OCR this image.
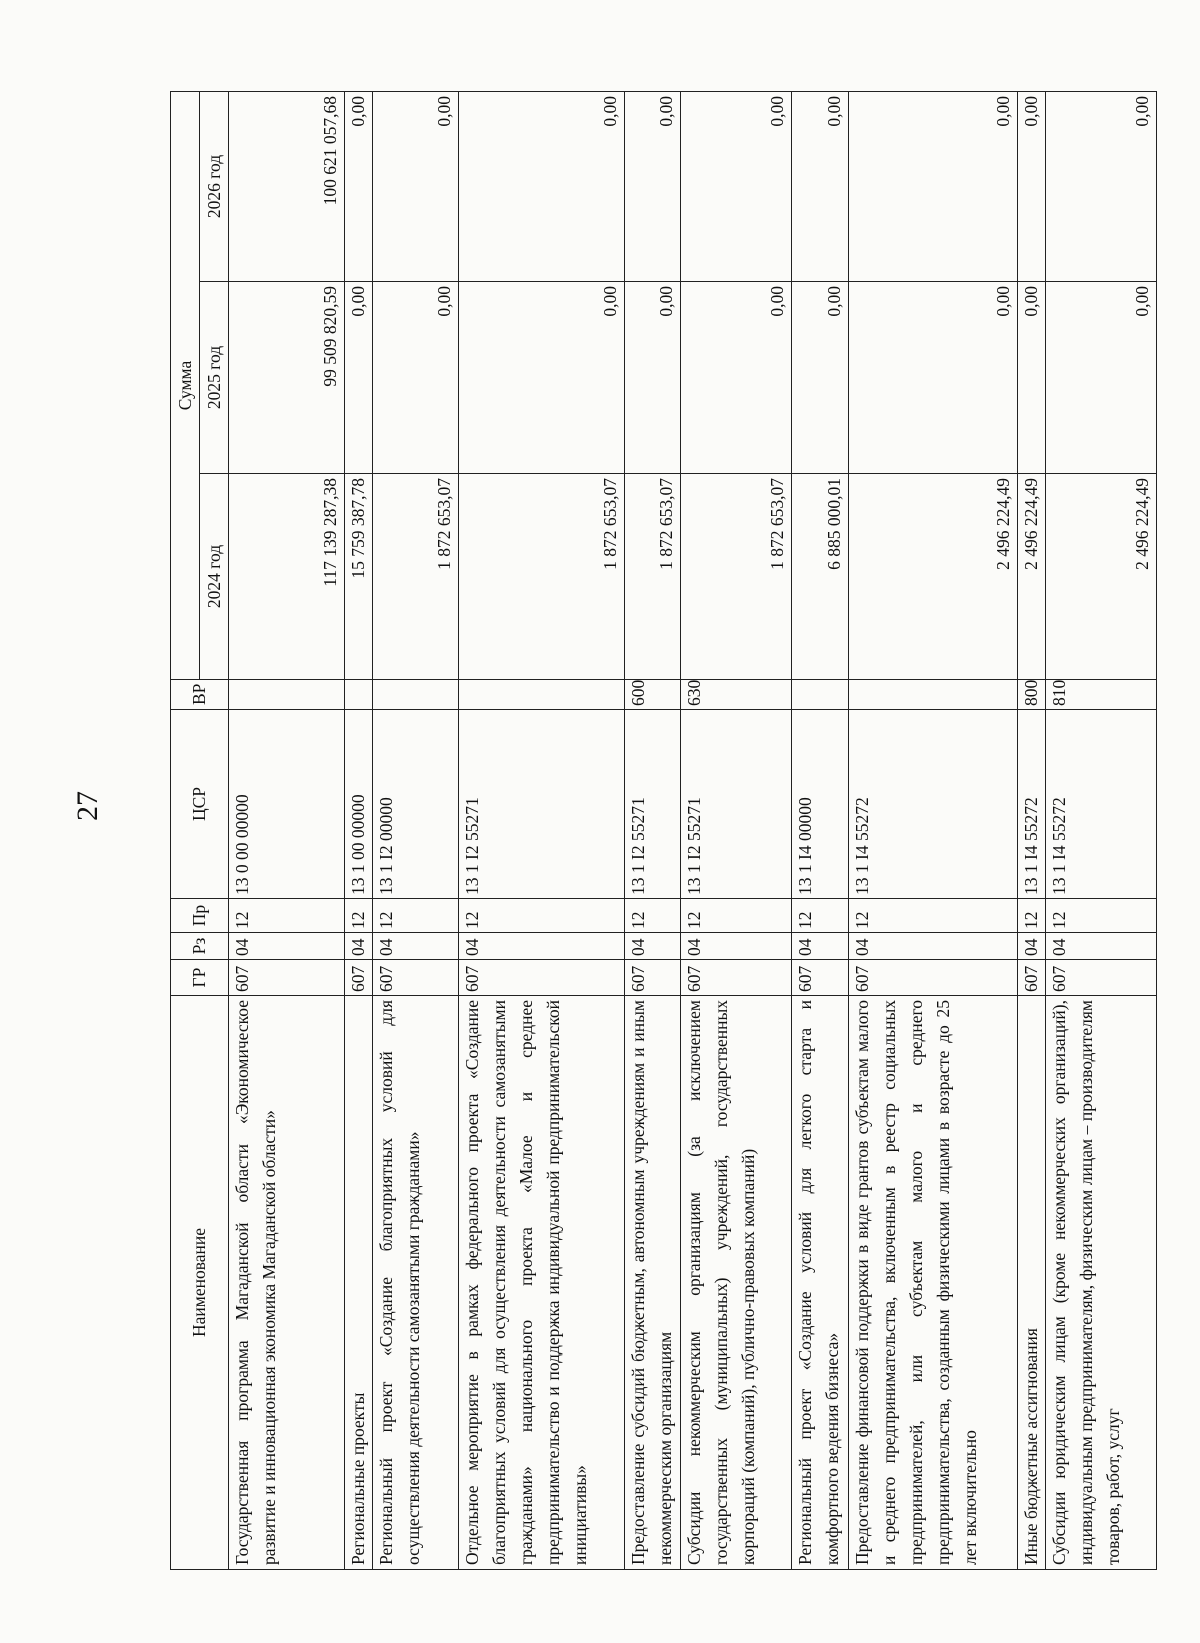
27
Наименование	ГР	Рз	Пр	ЦСР	ВР	Сумма		
						2024 год	2025 год	2026 год
Государственная программа Магаданской области «Экономическое развитие и инновационная экономика Магаданской области»	607	04	12	13 0 00 00000		117 139 287,38	99 509 820,59	100 621 057,68
Региональные проекты	607	04	12	13 1 00 00000		15 759 387,78	0,00	0,00
Региональный проект «Создание благоприятных условий для осуществления деятельности самозанятыми гражданами»	607	04	12	13 1 I2 00000		1 872 653,07	0,00	0,00
Отдельное мероприятие в рамках федерального проекта «Создание благоприятных условий для осуществления деятельности самозанятыми гражданами» национального проекта «Малое и среднее предпринимательство и поддержка индивидуальной предпринимательской инициативы»	607	04	12	13 1 I2 55271		1 872 653,07	0,00	0,00
Предоставление субсидий бюджетным, автономным учреждениям и иным некоммерческим организациям	607	04	12	13 1 I2 55271	600	1 872 653,07	0,00	0,00
Субсидии некоммерческим организациям (за исключением государственных (муниципальных) учреждений, государственных корпораций (компаний), публично-правовых компаний)	607	04	12	13 1 I2 55271	630	1 872 653,07	0,00	0,00
Региональный проект «Создание условий для легкого старта и комфортного ведения бизнеса»	607	04	12	13 1 I4 00000		6 885 000,01	0,00	0,00
Предоставление финансовой поддержки в виде грантов субъектам малого и среднего предпринимательства, включенным в реестр социальных предпринимателей, или субъектам малого и среднего предпринимательства, созданным физическими лицами в возрасте до 25 лет включительно	607	04	12	13 1 I4 55272		2 496 224,49	0,00	0,00
Иные бюджетные ассигнования	607	04	12	13 1 I4 55272	800	2 496 224,49	0,00	0,00
Субсидии юридическим лицам (кроме некоммерческих организаций), индивидуальным предпринимателям, физическим лицам – производителям товаров, работ, услуг	607	04	12	13 1 I4 55272	810	2 496 224,49	0,00	0,00
